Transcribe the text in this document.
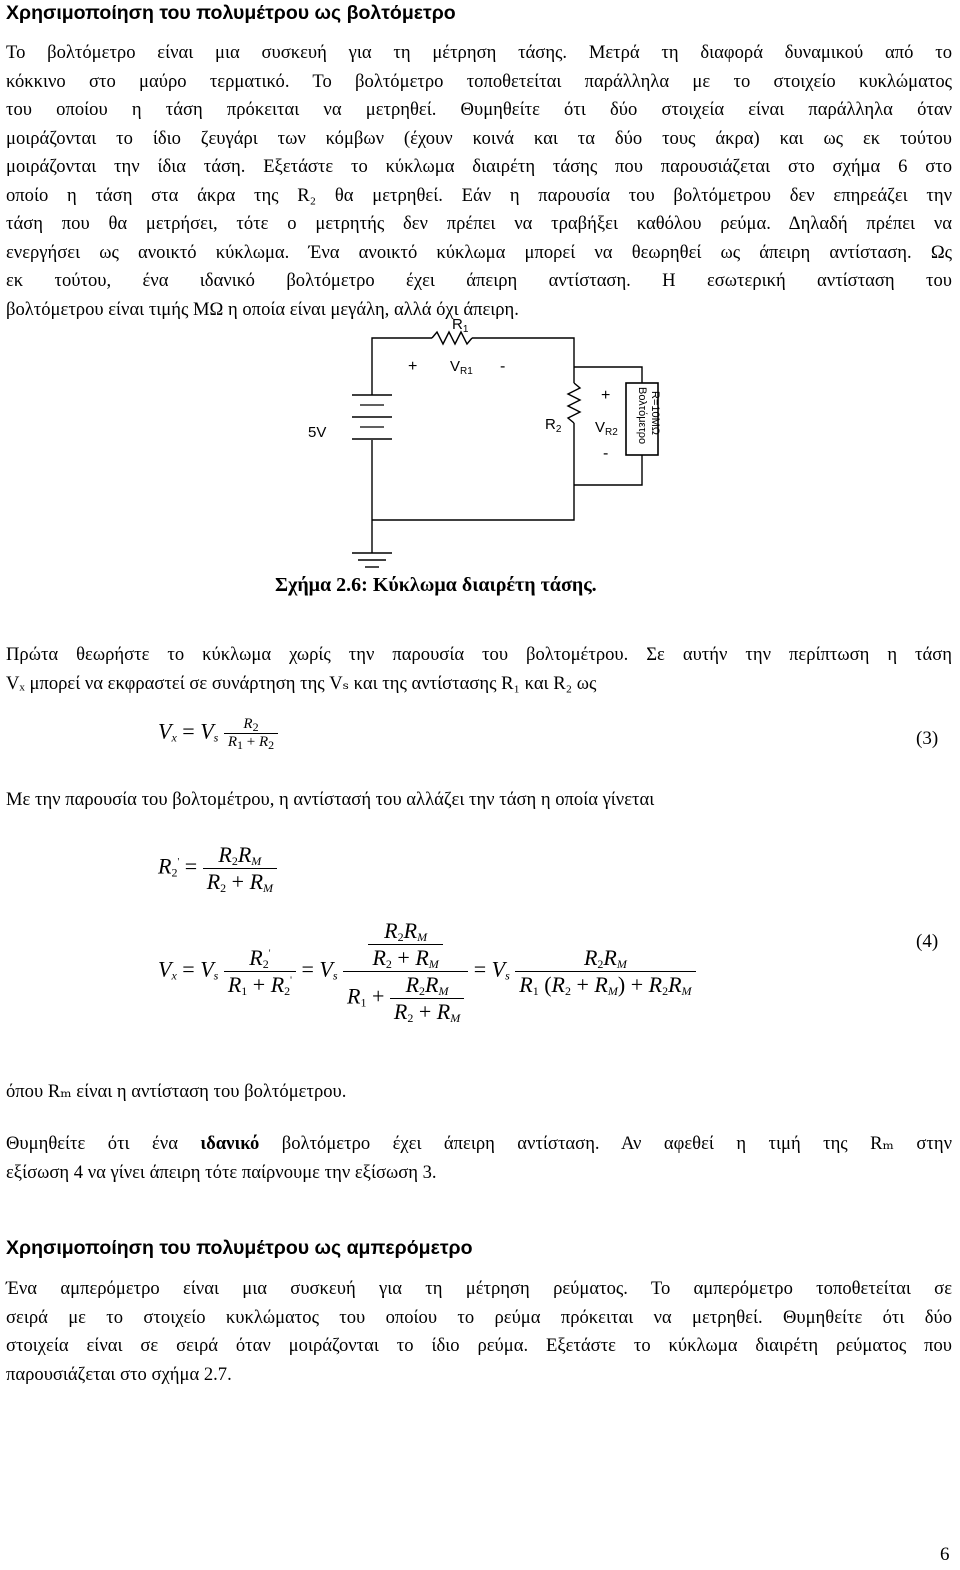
Χρησιμοποίηση του πολυμέτρου ως βολτόμετρο
Το βολτόμετρο είναι μια συσκευή για τη μέτρηση τάσης. Μετρά τη διαφορά δυναμικού από το
κόκκινο στο μαύρο τερματικό. Το βολτόμετρο τοποθετείται παράλληλα με το στοιχείο κυκλώματος
του οποίου η τάση πρόκειται να μετρηθεί. Θυμηθείτε ότι δύο στοιχεία είναι παράλληλα όταν
μοιράζονται το ίδιο ζευγάρι των κόμβων (έχουν κοινά και τα δύο τους άκρα) και ως εκ τούτου
μοιράζονται την ίδια τάση. Εξετάστε το κύκλωμα διαιρέτη τάσης που παρουσιάζεται στο σχήμα 6 στο
οποίο η τάση στα άκρα της R₂ θα μετρηθεί. Εάν η παρουσία του βολτόμετρου δεν επηρεάζει την
τάση που θα μετρήσει, τότε ο μετρητής δεν πρέπει να τραβήξει καθόλου ρεύμα. Δηλαδή πρέπει να
ενεργήσει ως ανοικτό κύκλωμα. Ένα ανοικτό κύκλωμα μπορεί να θεωρηθεί ως άπειρη αντίσταση. Ως
εκ τούτου, ένα ιδανικό βολτόμετρο έχει άπειρη αντίσταση. Η εσωτερική αντίσταση του
βολτόμετρου είναι τιμής ΜΩ η οποία είναι μεγάλη, αλλά όχι άπειρη.
$R_1$
+ $V_{R1}$ -
5V	$R_2$
+
$V_{R2}$
-
Βολτόμετρο R=10MΩ
Σχήμα 2.6: Κύκλωμα διαιρέτη τάσης.
Πρώτα θεωρήστε το κύκλωμα χωρίς την παρουσία του βολτομέτρου. Σε αυτήν την περίπτωση η τάση
Vₓ μπορεί να εκφραστεί σε συνάρτηση της Vₛ και της αντίστασης R₁ και R₂ ως
$V_x = V_s \frac{R_2}{R_1 + R_2}$	(3)
Με την παρουσία του βολτομέτρου, η αντίστασή του αλλάζει την τάση η οποία γίνεται
$R_2' = \frac{R_2R_M}{R_2 + R_M}$
$V_x = V_s \frac{R_2'}{R_1 + R_2'} = V_s \frac{\frac{R_2R_M}{R_2 + R_M}}{R_1 + \frac{R_2R_M}{R_2 + R_M}} = V_s \frac{R_2R_M}{R_1 (R_2 + R_M) + R_2R_M}$
(4)
όπου Rₘ είναι η αντίσταση του βολτόμετρου.
Θυμηθείτε ότι ένα ιδανικό βολτόμετρο έχει άπειρη αντίσταση. Αν αφεθεί η τιμή της Rₘ στην
εξίσωση 4 να γίνει άπειρη τότε παίρνουμε την εξίσωση 3.
Χρησιμοποίηση του πολυμέτρου ως αμπερόμετρο
Ένα αμπερόμετρο είναι μια συσκευή για τη μέτρηση ρεύματος. Το αμπερόμετρο τοποθετείται σε
σειρά με το στοιχείο κυκλώματος του οποίου το ρεύμα πρόκειται να μετρηθεί. Θυμηθείτε ότι δύο
στοιχεία είναι σε σειρά όταν μοιράζονται το ίδιο ρεύμα. Εξετάστε το κύκλωμα διαιρέτη ρεύματος που
παρουσιάζεται στο σχήμα 2.7.
6
